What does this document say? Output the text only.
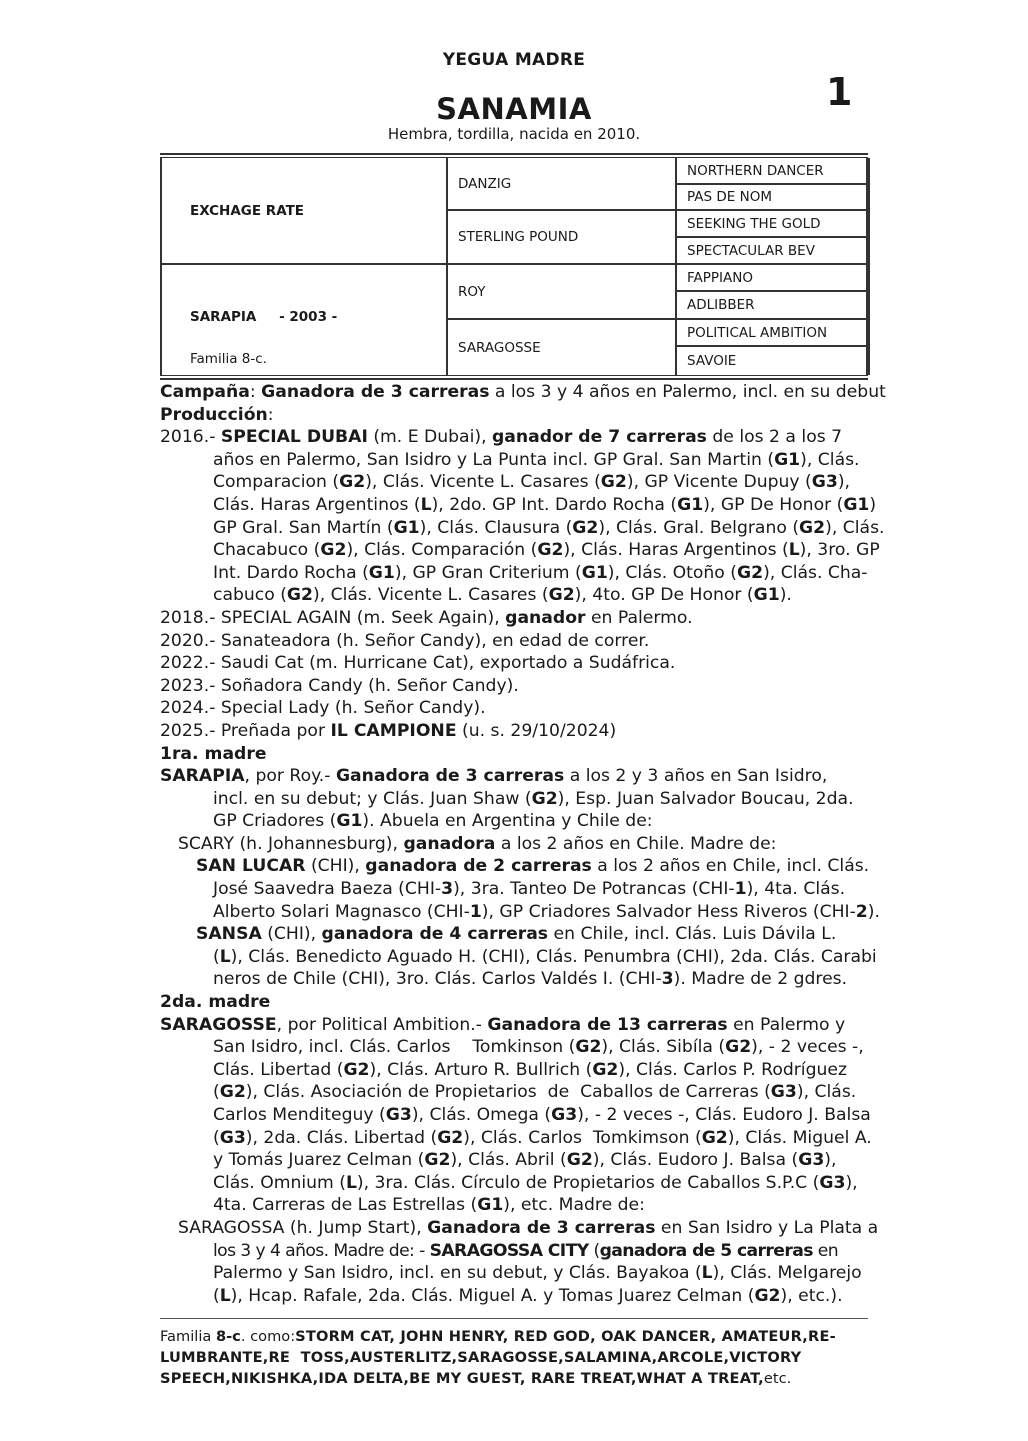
YEGUA MADRE
1
SANAMIA
Hembra, tordilla, nacida en 2010.
EXCHAGE RATE
SARAPIA - 2003 -
Familia 8-c.
DANZIG
STERLING POUND
ROY
SARAGOSSE
NORTHERN DANCER
PAS DE NOM
SEEKING THE GOLD
SPECTACULAR BEV
FAPPIANO
ADLIBBER
POLITICAL AMBITION
SAVOIE
Campaña: Ganadora de 3 carreras a los 3 y 4 años en Palermo, incl. en su debut
Producción:
2016.- SPECIAL DUBAI (m. E Dubai), ganador de 7 carreras de los 2 a los 7
años en Palermo, San Isidro y La Punta incl. GP Gral. San Martin (G1), Clás.
Comparacion (G2), Clás. Vicente L. Casares (G2), GP Vicente Dupuy (G3),
Clás. Haras Argentinos (L), 2do. GP Int. Dardo Rocha (G1), GP De Honor (G1)
GP Gral. San Martín (G1), Clás. Clausura (G2), Clás. Gral. Belgrano (G2), Clás.
Chacabuco (G2), Clás. Comparación (G2), Clás. Haras Argentinos (L), 3ro. GP
Int. Dardo Rocha (G1), GP Gran Criterium (G1), Clás. Otoño (G2), Clás. Cha-
cabuco (G2), Clás. Vicente L. Casares (G2), 4to. GP De Honor (G1).
2018.- SPECIAL AGAIN (m. Seek Again), ganador en Palermo.
2020.- Sanateadora (h. Señor Candy), en edad de correr.
2022.- Saudi Cat (m. Hurricane Cat), exportado a Sudáfrica.
2023.- Soñadora Candy (h. Señor Candy).
2024.- Special Lady (h. Señor Candy).
2025.- Preñada por IL CAMPIONE (u. s. 29/10/2024)
1ra. madre
SARAPIA, por Roy.- Ganadora de 3 carreras a los 2 y 3 años en San Isidro,
incl. en su debut; y Clás. Juan Shaw (G2), Esp. Juan Salvador Boucau, 2da.
GP Criadores (G1). Abuela en Argentina y Chile de:
SCARY (h. Johannesburg), ganadora a los 2 años en Chile. Madre de:
SAN LUCAR (CHI), ganadora de 2 carreras a los 2 años en Chile, incl. Clás.
José Saavedra Baeza (CHI-3), 3ra. Tanteo De Potrancas (CHI-1), 4ta. Clás.
Alberto Solari Magnasco (CHI-1), GP Criadores Salvador Hess Riveros (CHI-2).
SANSA (CHI), ganadora de 4 carreras en Chile, incl. Clás. Luis Dávila L.
(L), Clás. Benedicto Aguado H. (CHI), Clás. Penumbra (CHI), 2da. Clás. Carabi
neros de Chile (CHI), 3ro. Clás. Carlos Valdés I. (CHI-3). Madre de 2 gdres.
2da. madre
SARAGOSSE, por Political Ambition.- Ganadora de 13 carreras en Palermo y
San Isidro, incl. Clás. Carlos    Tomkinson (G2), Clás. Sibíla (G2), - 2 veces -,
Clás. Libertad (G2), Clás. Arturo R. Bullrich (G2), Clás. Carlos P. Rodríguez
(G2), Clás. Asociación de Propietarios  de  Caballos de Carreras (G3), Clás.
Carlos Menditeguy (G3), Clás. Omega (G3), - 2 veces -, Clás. Eudoro J. Balsa
(G3), 2da. Clás. Libertad (G2), Clás. Carlos  Tomkimson (G2), Clás. Miguel A.
y Tomás Juarez Celman (G2), Clás. Abril (G2), Clás. Eudoro J. Balsa (G3),
Clás. Omnium (L), 3ra. Clás. Círculo de Propietarios de Caballos S.P.C (G3),
4ta. Carreras de Las Estrellas (G1), etc. Madre de:
SARAGOSSA (h. Jump Start), Ganadora de 3 carreras en San Isidro y La Plata a
los 3 y 4 años. Madre de: - SARAGOSSA CITY (ganadora de 5 carreras en
Palermo y San Isidro, incl. en su debut, y Clás. Bayakoa (L), Clás. Melgarejo
(L), Hcap. Rafale, 2da. Clás. Miguel A. y Tomas Juarez Celman (G2), etc.).
Familia 8-c. como:STORM CAT, JOHN HENRY, RED GOD, OAK DANCER, AMATEUR,RE-
LUMBRANTE,RE  TOSS,AUSTERLITZ,SARAGOSSE,SALAMINA,ARCOLE,VICTORY
SPEECH,NIKISHKA,IDA DELTA,BE MY GUEST, RARE TREAT,WHAT A TREAT,etc.
